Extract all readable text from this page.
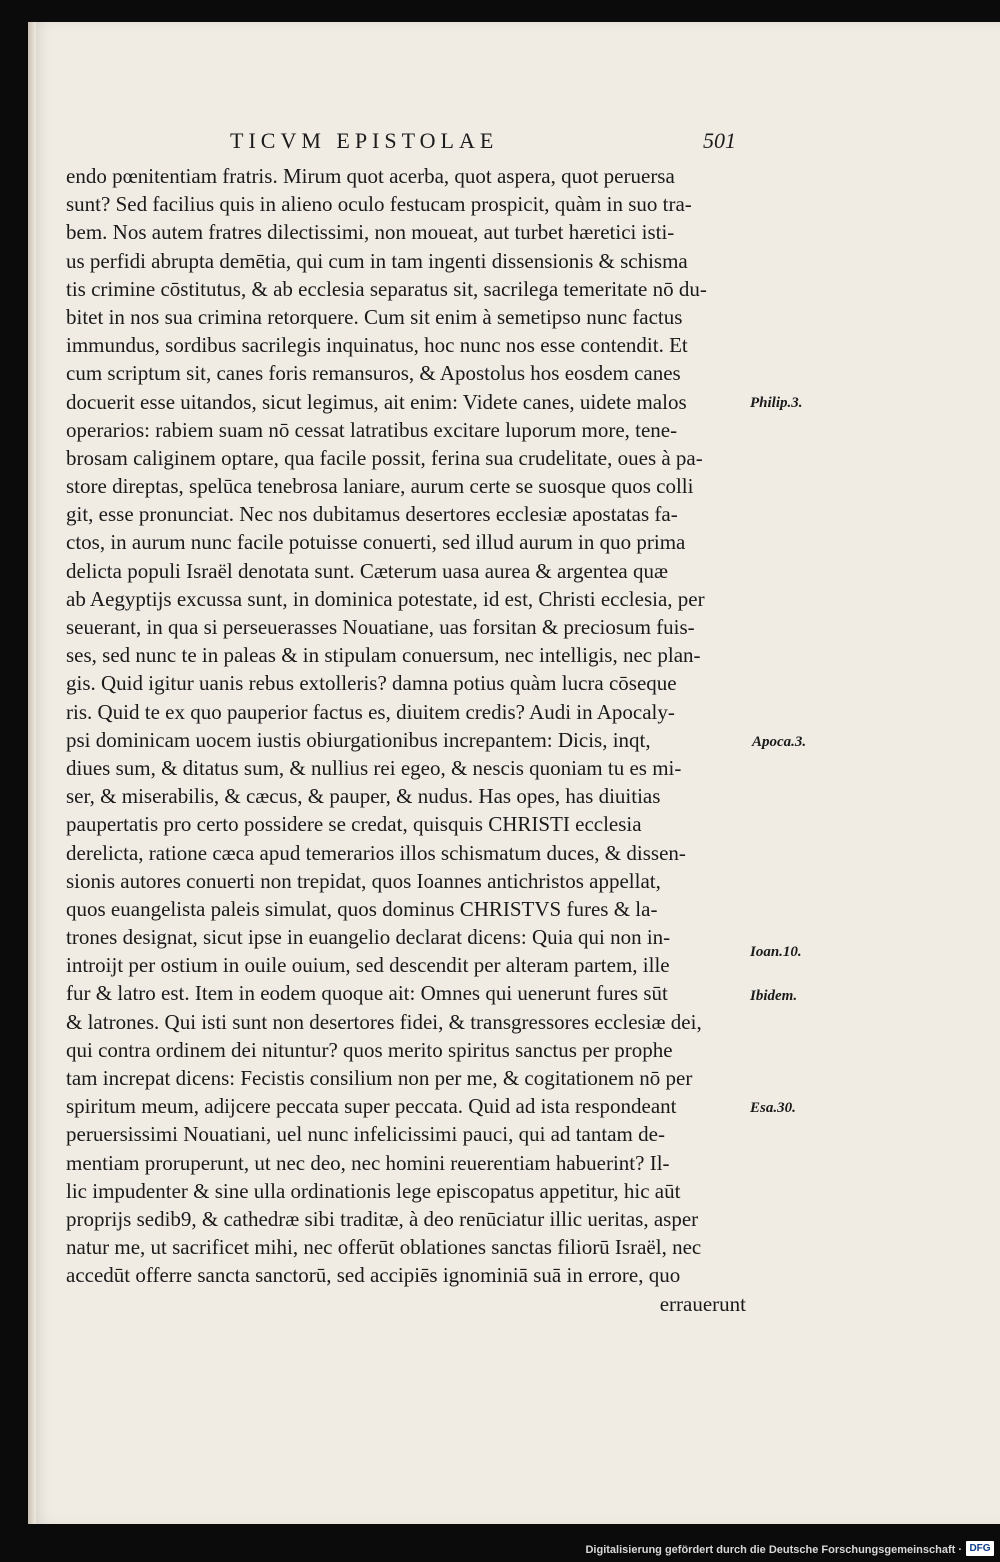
TICVM EPISTOLAE	501
endo pœnitentiam fratris. Mirum quot acerba, quot aspera, quot peruersa
sunt? Sed facilius quis in alieno oculo festucam prospicit, quàm in suo tra-
bem. Nos autem fratres dilectissimi, non moueat, aut turbet hæretici isti-
us perfidi abrupta demētia, qui cum in tam ingenti dissensionis & schisma
tis crimine cōstitutus, & ab ecclesia separatus sit, sacrilega temeritate nō du-
bitet in nos sua crimina retorquere. Cum sit enim à semetipso nunc factus
immundus, sordibus sacrilegis inquinatus, hoc nunc nos esse contendit. Et
cum scriptum sit, canes foris remansuros, & Apostolus hos eosdem canes
docuerit esse uitandos, sicut legimus, ait enim: Videte canes, uidete malos
operarios: rabiem suam nō cessat latratibus excitare luporum more, tene-
brosam caliginem optare, qua facile possit, ferina sua crudelitate, oues à pa-
store direptas, spelūca tenebrosa laniare, aurum certe se suosque quos colli
git, esse pronunciat. Nec nos dubitamus desertores ecclesiæ apostatas fa-
ctos, in aurum nunc facile potuisse conuerti, sed illud aurum in quo prima
delicta populi Israël denotata sunt. Cæterum uasa aurea & argentea quæ
ab Aegyptijs excussa sunt, in dominica potestate, id est, Christi ecclesia, per
seuerant, in qua si perseuerasses Nouatiane, uas forsitan & preciosum fuis-
ses, sed nunc te in paleas & in stipulam conuersum, nec intelligis, nec plan-
gis. Quid igitur uanis rebus extolleris? damna potius quàm lucra cōseque
ris. Quid te ex quo pauperior factus es, diuitem credis? Audi in Apocaly-
psi dominicam uocem iustis obiurgationibus increpantem: Dicis, inqt,
diues sum, & ditatus sum, & nullius rei egeo, & nescis quoniam tu es mi-
ser, & miserabilis, & cæcus, & pauper, & nudus. Has opes, has diuitias
paupertatis pro certo possidere se credat, quisquis CHRISTI ecclesia
derelicta, ratione cæca apud temerarios illos schismatum duces, & dissen-
sionis autores conuerti non trepidat, quos Ioannes antichristos appellat,
quos euangelista paleis simulat, quos dominus CHRISTVS fures & la-
trones designat, sicut ipse in euangelio declarat dicens: Quia qui non in-
introijt per ostium in ouile ouium, sed descendit per alteram partem, ille
fur & latro est. Item in eodem quoque ait: Omnes qui uenerunt fures sūt
& latrones. Qui isti sunt non desertores fidei, & transgressores ecclesiæ dei,
qui contra ordinem dei nituntur? quos merito spiritus sanctus per prophe
tam increpat dicens: Fecistis consilium non per me, & cogitationem nō per
spiritum meum, adijcere peccata super peccata. Quid ad ista respondeant
peruersissimi Nouatiani, uel nunc infelicissimi pauci, qui ad tantam de-
mentiam proruperunt, ut nec deo, nec homini reuerentiam habuerint? Il-
lic impudenter & sine ulla ordinationis lege episcopatus appetitur, hic aūt
proprijs sedib9, & cathedræ sibi traditæ, à deo renūciatur illic ueritas, asper
natur me, ut sacrificet mihi, nec offerūt oblationes sanctas filiorū Israël, nec
accedūt offerre sancta sanctorū, sed accipiēs ignominiā suā in errore, quo
errauerunt
Philip.3.
Apoca.3.
Ioan.10.
Ibidem.
Esa.30.
Digitalisierung gefördert durch die Deutsche Forschungsgemeinschaft · DFG
